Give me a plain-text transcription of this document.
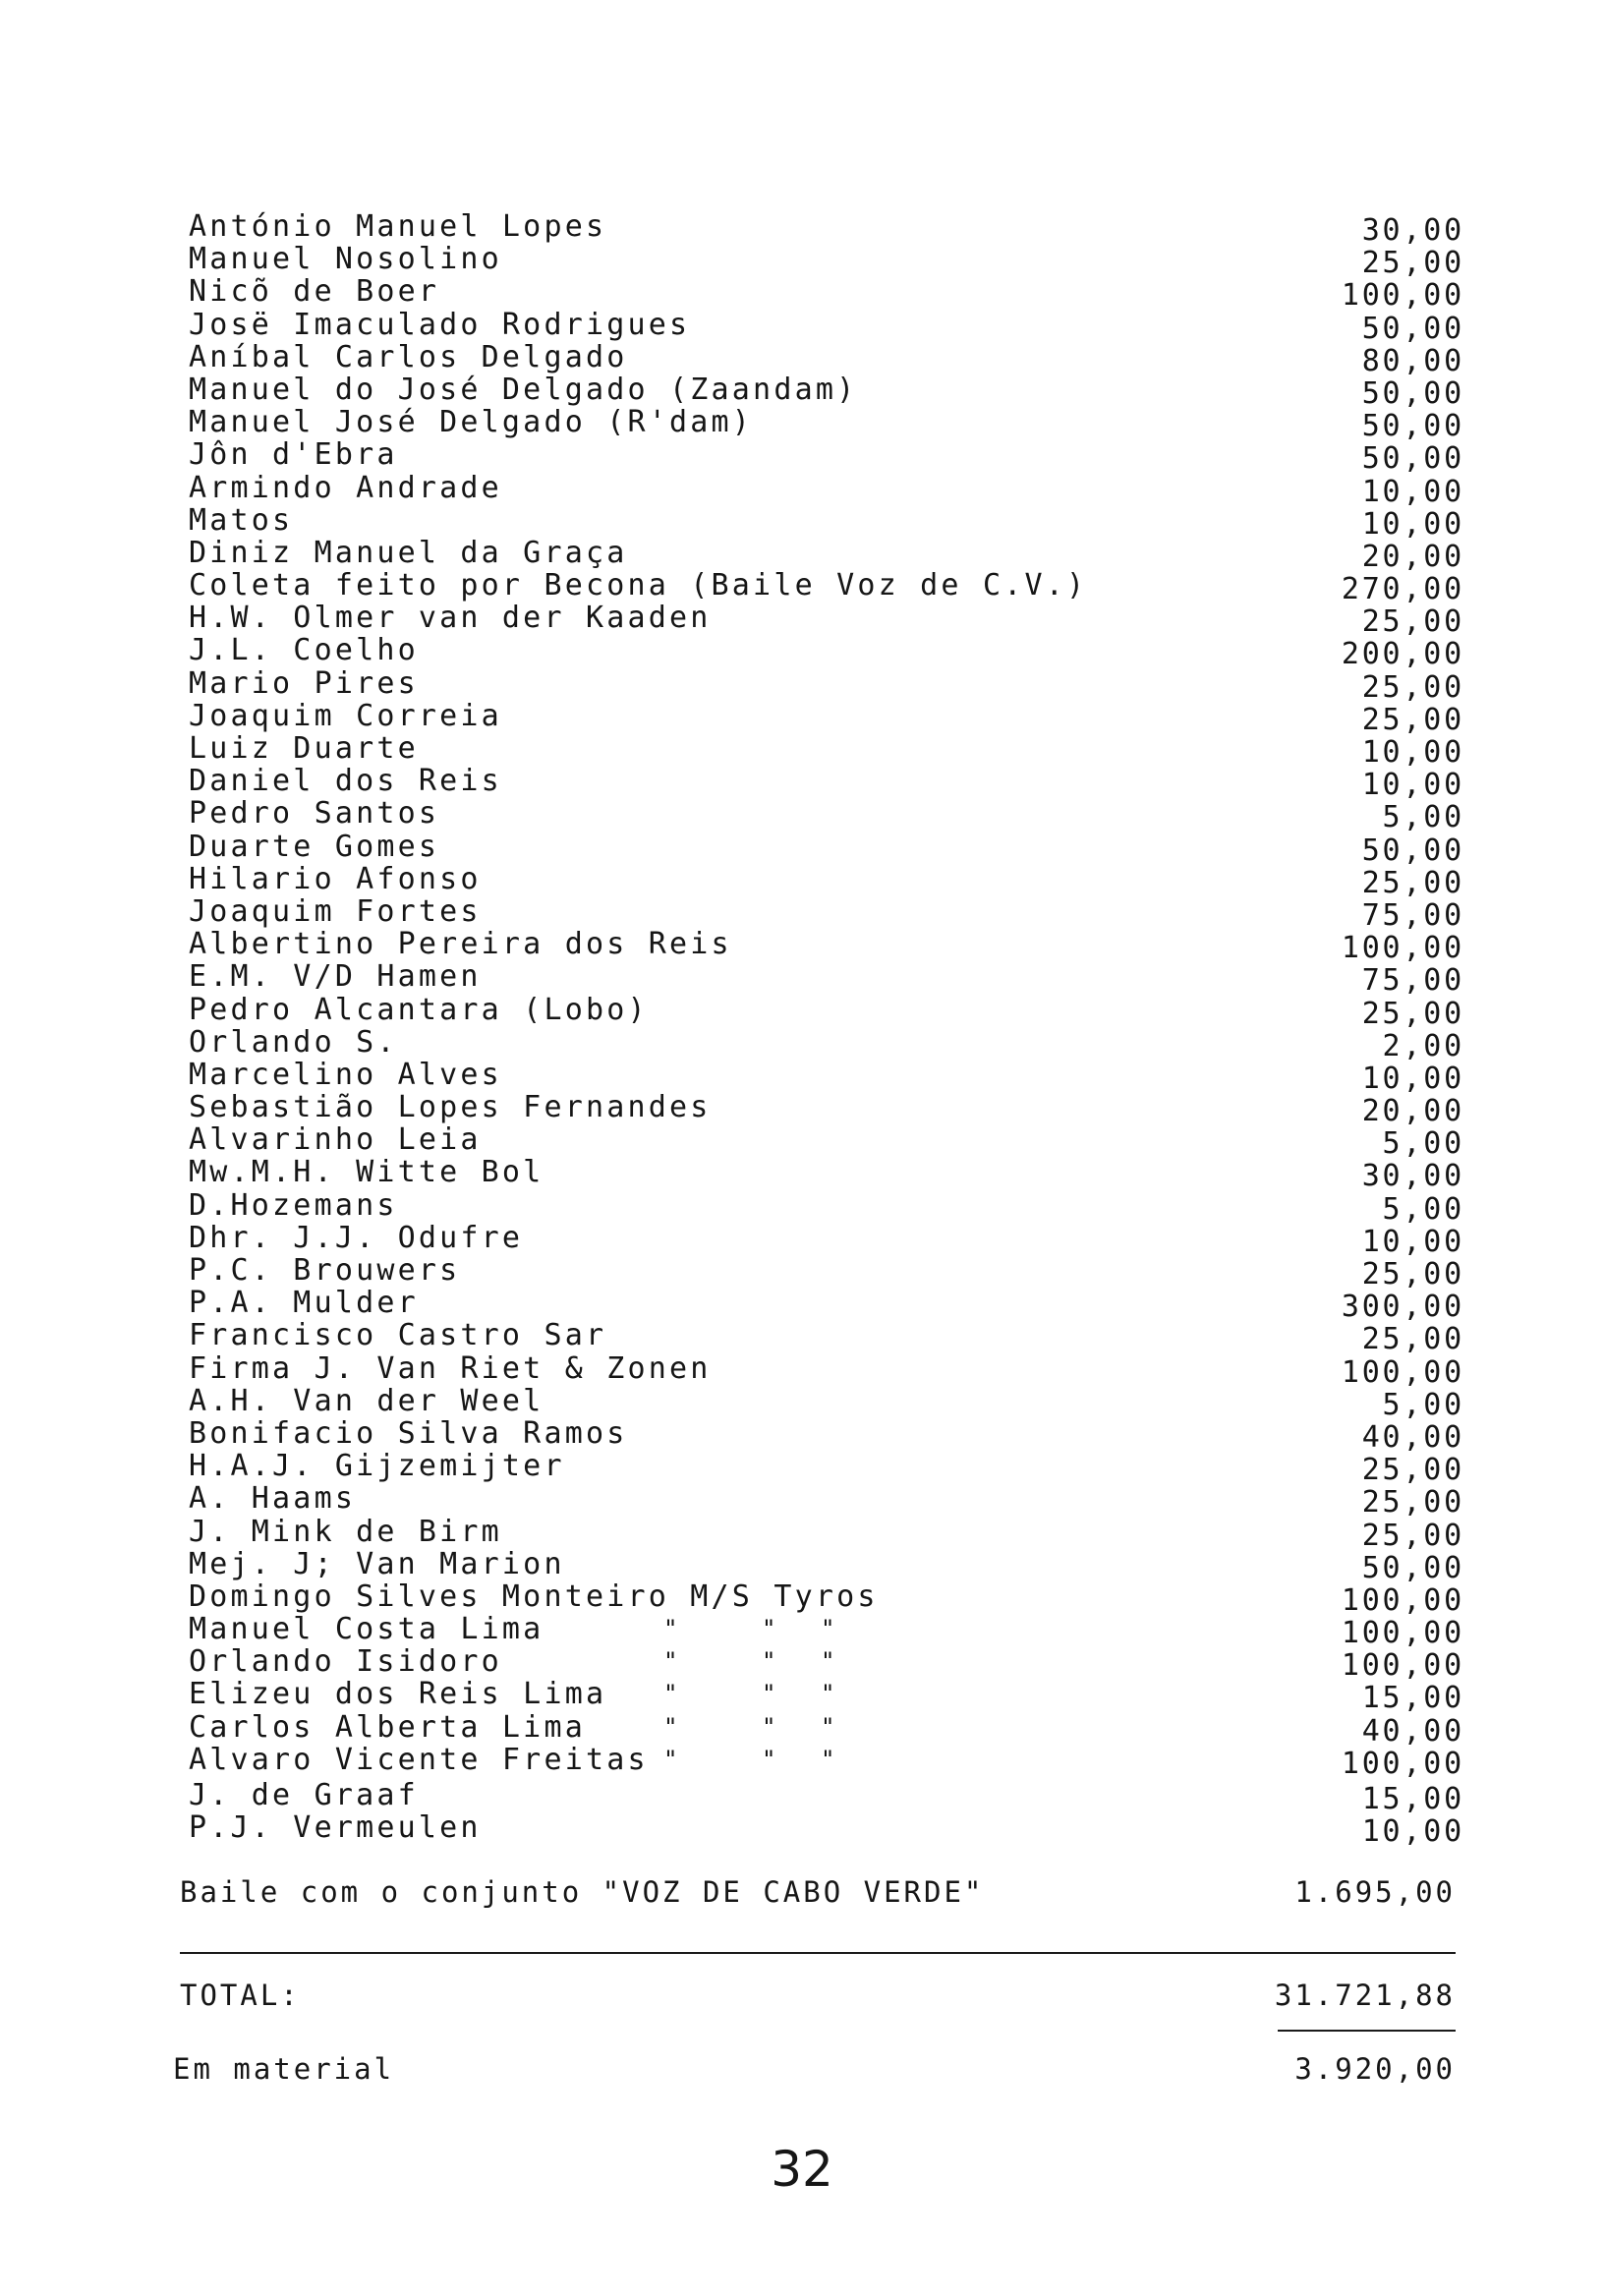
António Manuel Lopes	30,00
Manuel Nosolino	25,00
Nicõ de Boer	100,00
Josë Imaculado Rodrigues	50,00
Aníbal Carlos Delgado	80,00
Manuel do José Delgado (Zaandam)	50,00
Manuel José Delgado (R'dam)	50,00
Jôn d'Ebra	50,00
Armindo Andrade	10,00
Matos	10,00
Diniz Manuel da Graça	20,00
Coleta feito por Becona (Baile Voz de C.V.)	270,00
H.W. Olmer van der Kaaden	25,00
J.L. Coelho	200,00
Mario Pires	25,00
Joaquim Correia	25,00
Luiz Duarte	10,00
Daniel dos Reis	10,00
Pedro Santos	5,00
Duarte Gomes	50,00
Hilario Afonso	25,00
Joaquim Fortes	75,00
Albertino Pereira dos Reis	100,00
E.M. V/D Hamen	75,00
Pedro Alcantara (Lobo)	25,00
Orlando S.	2,00
Marcelino Alves	10,00
Sebastião Lopes Fernandes	20,00
Alvarinho Leia	5,00
Mw.M.H. Witte Bol	30,00
D.Hozemans	5,00
Dhr. J.J. Odufre	10,00
P.C. Brouwers	25,00
P.A. Mulder	300,00
Francisco Castro Sar	25,00
Firma J. Van Riet & Zonen	100,00
A.H. Van der Weel	5,00
Bonifacio Silva Ramos	40,00
H.A.J. Gijzemijter	25,00
A. Haams	25,00
J. Mink de Birm	25,00
Mej. J; Van Marion	50,00
Domingo Silves Monteiro M/S Tyros	100,00
Manuel Costa Lima	"	" "	100,00
Orlando Isidoro	"	" "	100,00
Elizeu dos Reis Lima "	" "	15,00
Carlos Alberta Lima	"	" "	40,00
Alvaro Vicente Freitas "	" "	100,00
J. de Graaf	15,00
P.J. Vermeulen	10,00
Baile com o conjunto "VOZ DE CABO VERDE"	1.695,00
TOTAL:	31.721,88
Em material	3.920,00
32
